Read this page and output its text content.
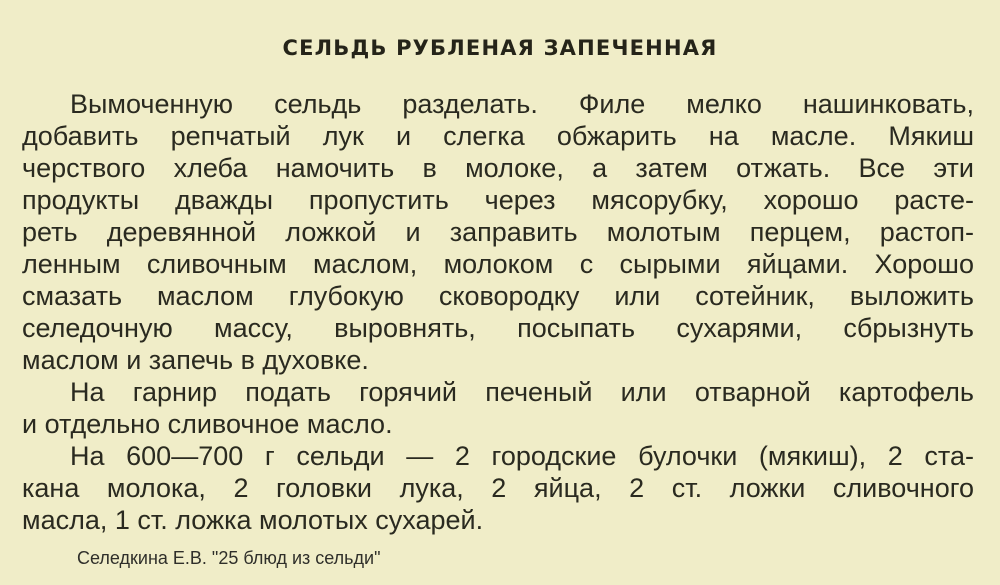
СЕЛЬДЬ РУБЛЕНАЯ ЗАПЕЧЕННАЯ
Вымоченную сельдь разделать. Филе мелко нашинковать,
добавить репчатый лук и слегка обжарить на масле. Мякиш
черствого хлеба намочить в молоке, а затем отжать. Все эти
продукты дважды пропустить через мясорубку, хорошо расте-
реть деревянной ложкой и заправить молотым перцем, растоп-
ленным сливочным маслом, молоком с сырыми яйцами. Хорошо
смазать маслом глубокую сковородку или сотейник, выложить
селедочную массу, выровнять, посыпать сухарями, сбрызнуть
маслом и запечь в духовке.
На гарнир подать горячий печеный или отварной картофель
и отдельно сливочное масло.
На 600—700 г сельди — 2 городские булочки (мякиш), 2 ста-
кана молока, 2 головки лука, 2 яйца, 2 ст. ложки сливочного
масла, 1 ст. ложка молотых сухарей.

Селедкина Е.В. "25 блюд из сельди"
